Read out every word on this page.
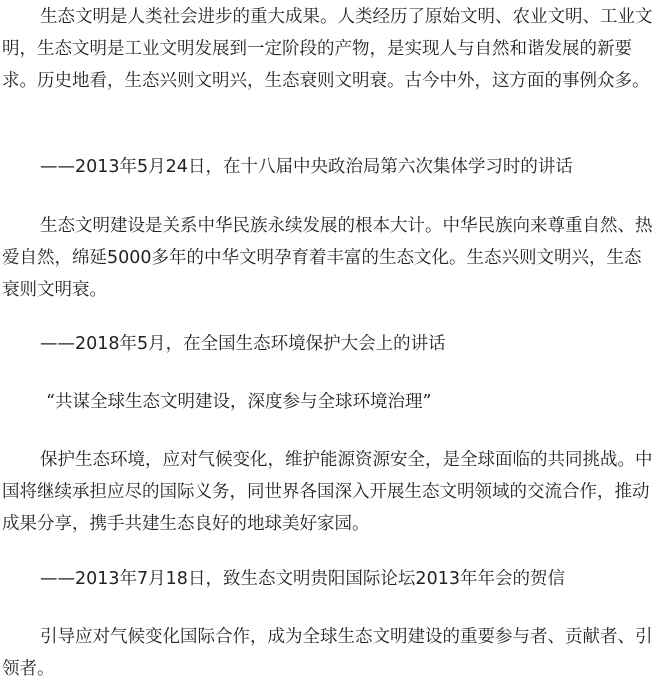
生态文明是人类社会进步的重大成果。人类经历了原始文明、农业文明、工业文明，生态文明是工业文明发展到一定阶段的产物，是实现人与自然和谐发展的新要求。历史地看，生态兴则文明兴，生态衰则文明衰。古今中外，这方面的事例众多。

——2013年5月24日，在十八届中央政治局第六次集体学习时的讲话

生态文明建设是关系中华民族永续发展的根本大计。中华民族向来尊重自然、热爱自然，绵延5000多年的中华文明孕育着丰富的生态文化。生态兴则文明兴，生态衰则文明衰。

——2018年5月，在全国生态环境保护大会上的讲话

“共谋全球生态文明建设，深度参与全球环境治理”

保护生态环境，应对气候变化，维护能源资源安全，是全球面临的共同挑战。中国将继续承担应尽的国际义务，同世界各国深入开展生态文明领域的交流合作，推动成果分享，携手共建生态良好的地球美好家园。

——2013年7月18日，致生态文明贵阳国际论坛2013年年会的贺信

引导应对气候变化国际合作，成为全球生态文明建设的重要参与者、贡献者、引领者。
